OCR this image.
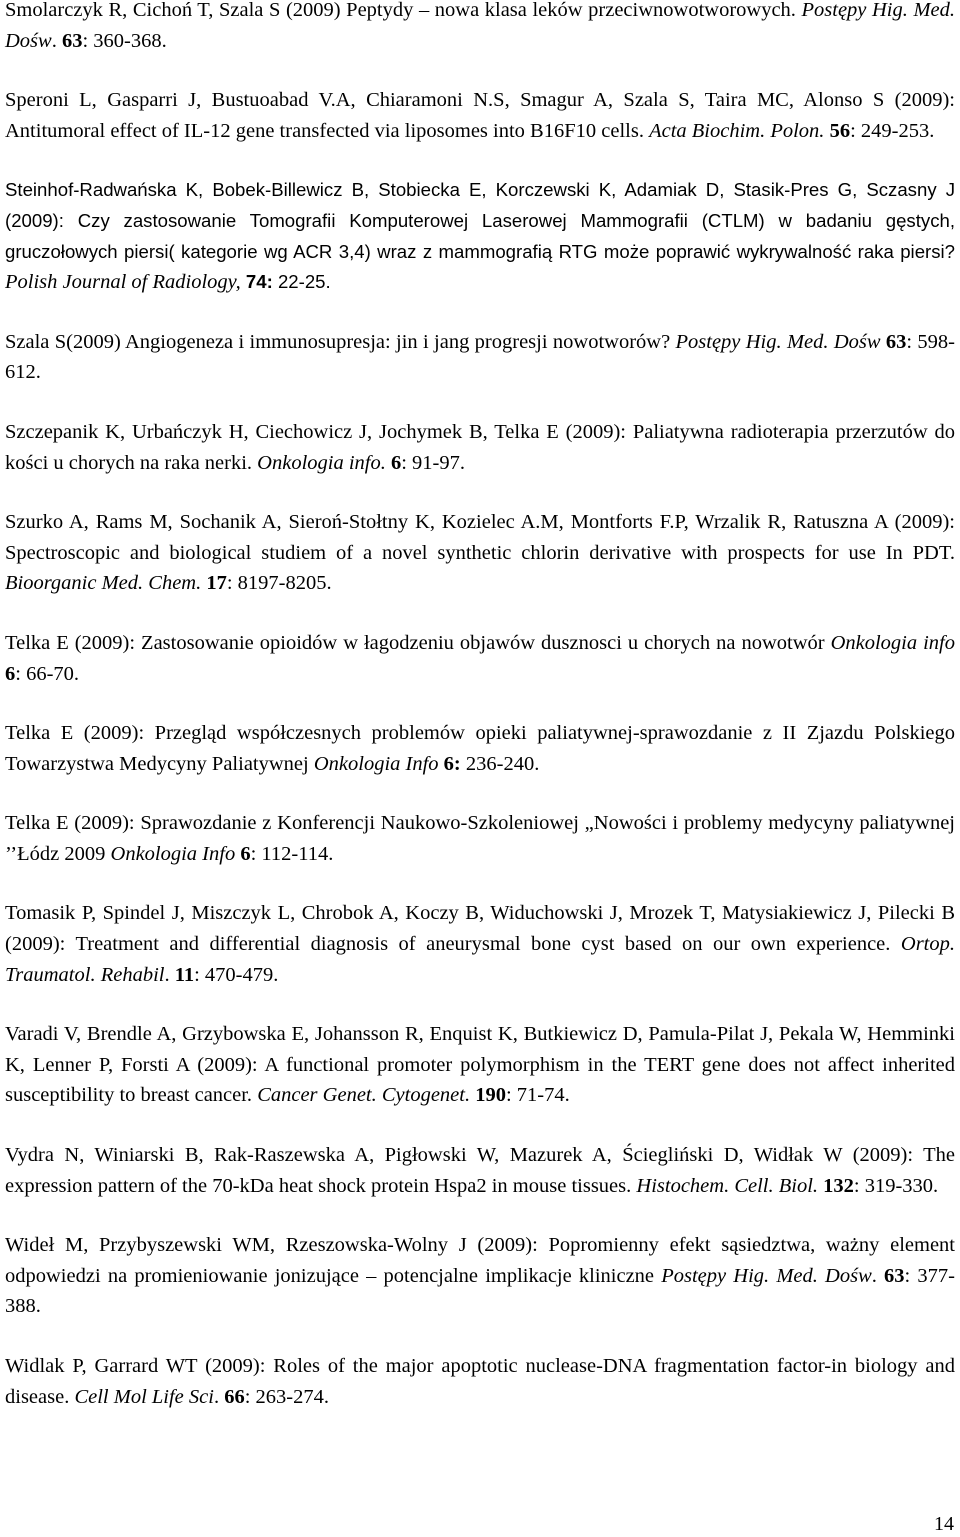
Smolarczyk R, Cichoń T, Szala S (2009) Peptydy – nowa klasa leków przeciwnowotworowych. Postępy Hig. Med. Dośw. 63: 360-368.

Speroni L, Gasparri J, Bustuoabad V.A, Chiaramoni N.S, Smagur A, Szala S, Taira MC, Alonso S (2009): Antitumoral effect of IL-12 gene transfected via liposomes into B16F10 cells. Acta Biochim. Polon. 56: 249-253.

Steinhof-Radwańska K, Bobek-Billewicz B, Stobiecka E, Korczewski K, Adamiak D, Stasik-Pres G, Sczasny J (2009): Czy zastosowanie Tomografii Komputerowej Laserowej Mammografii (CTLM) w badaniu gęstych, gruczołowych piersi( kategorie wg ACR 3,4) wraz z mammografią RTG może poprawić wykrywalność raka piersi? Polish Journal of Radiology, 74: 22-25.

Szala S(2009) Angiogeneza i immunosupresja: jin i jang progresji nowotworów? Postępy Hig. Med. Dośw 63: 598-612.

Szczepanik K, Urbańczyk H, Ciechowicz J, Jochymek B, Telka E (2009): Paliatywna radioterapia przerzutów do kości u chorych na raka nerki. Onkologia info. 6: 91-97.

Szurko A, Rams M, Sochanik A, Sieroń-Stołtny K, Kozielec A.M, Montforts F.P, Wrzalik R, Ratuszna A (2009): Spectroscopic and biological studiem of a novel synthetic chlorin derivative with prospects for use In PDT. Bioorganic Med. Chem. 17: 8197-8205.

Telka E (2009): Zastosowanie opioidów w łagodzeniu objawów dusznosci u chorych na nowotwór Onkologia info 6: 66-70.

Telka E (2009): Przegląd współczesnych problemów opieki paliatywnej-sprawozdanie z II Zjazdu Polskiego Towarzystwa Medycyny Paliatywnej Onkologia Info 6: 236-240.

Telka E (2009): Sprawozdanie z Konferencji Naukowo-Szkoleniowej „Nowości i problemy medycyny paliatywnej ’’Łódz 2009 Onkologia Info 6: 112-114.

Tomasik P, Spindel J, Miszczyk L, Chrobok A, Koczy B, Widuchowski J, Mrozek T, Matysiakiewicz J, Pilecki B (2009): Treatment and differential diagnosis of aneurysmal bone cyst based on our own experience. Ortop. Traumatol. Rehabil. 11: 470-479.

Varadi V, Brendle A, Grzybowska E, Johansson R, Enquist K, Butkiewicz D, Pamula-Pilat J, Pekala W, Hemminki K, Lenner P, Forsti A (2009): A functional promoter polymorphism in the TERT gene does not affect inherited susceptibility to breast cancer. Cancer Genet. Cytogenet. 190: 71-74.

Vydra N, Winiarski B, Rak-Raszewska A, Pigłowski W, Mazurek A, Ściegliński D, Widłak W (2009): The expression pattern of the 70-kDa heat shock protein Hspa2 in mouse tissues. Histochem. Cell. Biol. 132: 319-330.

Wideł M, Przybyszewski WM, Rzeszowska-Wolny J (2009): Popromienny efekt sąsiedztwa, ważny element odpowiedzi na promieniowanie jonizujące – potencjalne implikacje kliniczne Postępy Hig. Med. Dośw. 63: 377-388.

Widlak P, Garrard WT (2009): Roles of the major apoptotic nuclease-DNA fragmentation factor-in biology and disease. Cell Mol Life Sci. 66: 263-274.

14
